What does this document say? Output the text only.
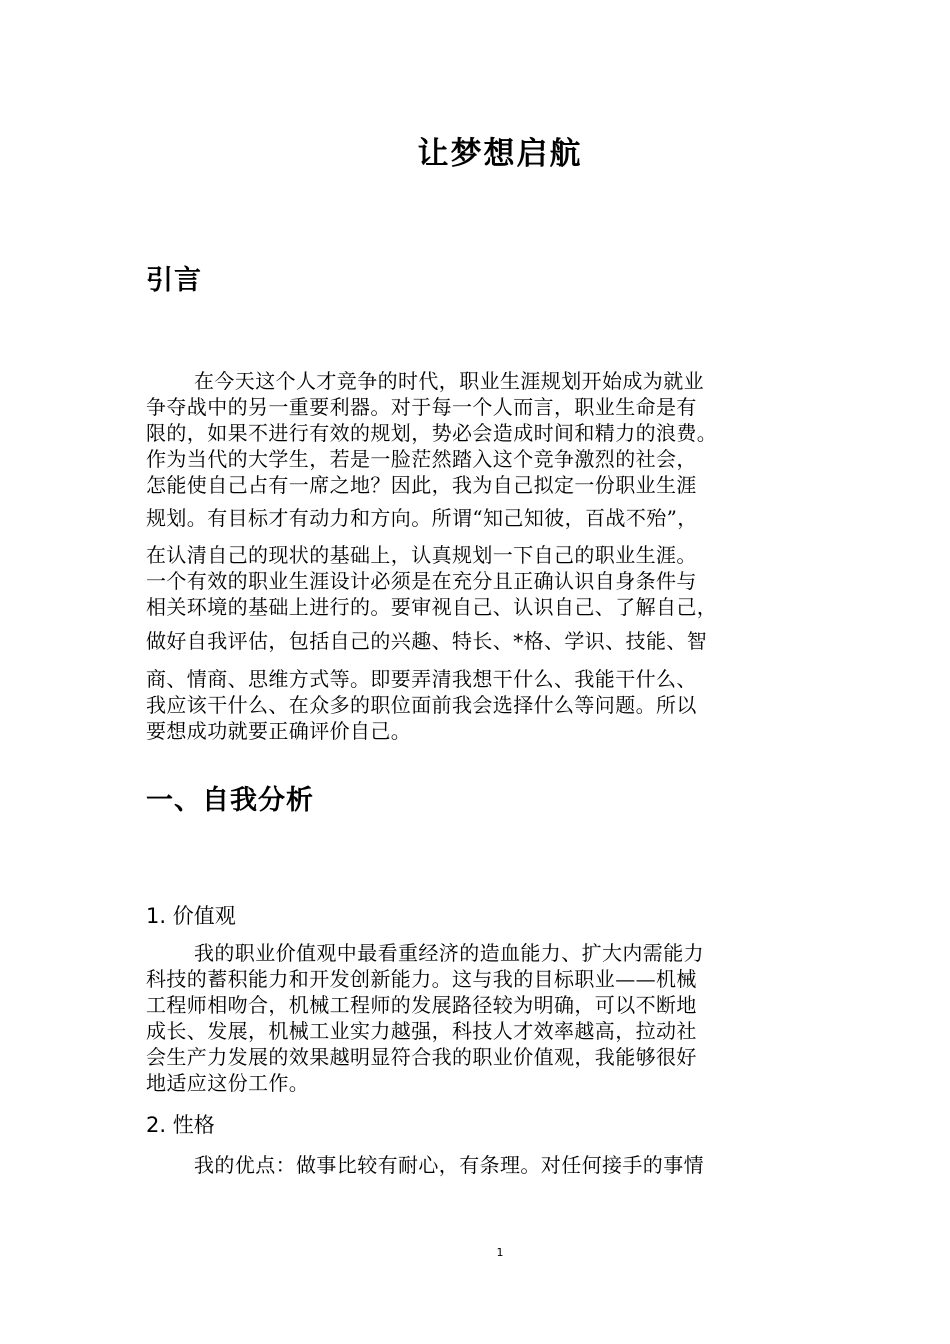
让梦想启航
引言
在今天这个人才竞争的时代，职业生涯规划开始成为就业
争夺战中的另一重要利器。对于每一个人而言，职业生命是有
限的，如果不进行有效的规划，势必会造成时间和精力的浪费。
作为当代的大学生，若是一脸茫然踏入这个竞争激烈的社会，
怎能使自己占有一席之地？因此，我为自己拟定一份职业生涯
规划。有目标才有动力和方向。所谓“知己知彼，百战不殆”，
在认清自己的现状的基础上，认真规划一下自己的职业生涯。
一个有效的职业生涯设计必须是在充分且正确认识自身条件与
相关环境的基础上进行的。要审视自己、认识自己、了解自己，
做好自我评估，包括自己的兴趣、特长、*格、学识、技能、智
商、情商、思维方式等。即要弄清我想干什么、我能干什么、
我应该干什么、在众多的职位面前我会选择什么等问题。所以
要想成功就要正确评价自己。
一、自我分析
1. 价值观
我的职业价值观中最看重经济的造血能力、扩大内需能力
科技的蓄积能力和开发创新能力。这与我的目标职业——机械
工程师相吻合，机械工程师的发展路径较为明确，可以不断地
成长、发展，机械工业实力越强，科技人才效率越高，拉动社
会生产力发展的效果越明显符合我的职业价值观，我能够很好
地适应这份工作。
2. 性格
我的优点：做事比较有耐心，有条理。对任何接手的事情
1
